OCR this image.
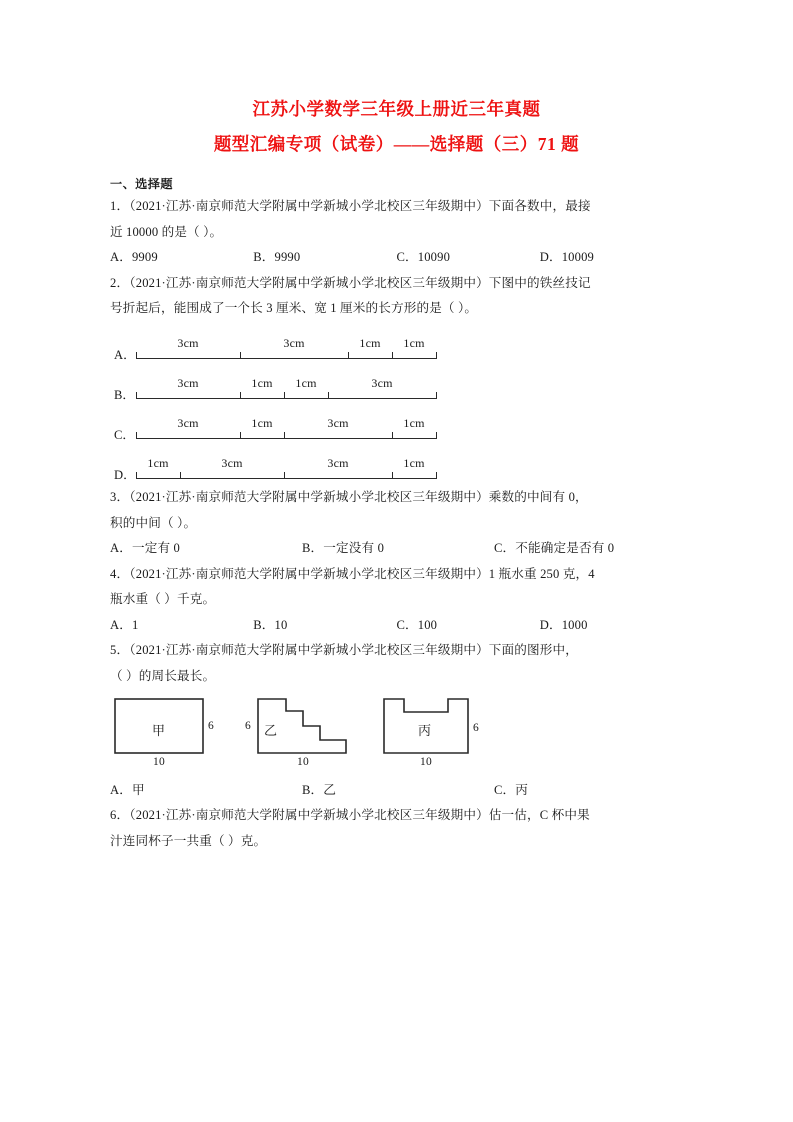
江苏小学数学三年级上册近三年真题
题型汇编专项（试卷）——选择题（三）71 题
一、选择题
1．（2021·江苏·南京师范大学附属中学新城小学北校区三年级期中）下面各数中，最接
近 10000 的是（ ）。
A．9909	B．9990	C．10090	D．10009
2．（2021·江苏·南京师范大学附属中学新城小学北校区三年级期中）下图中的铁丝技记
号折起后，能围成了一个长 3 厘米、宽 1 厘米的长方形的是（ ）。
A．
3cm	3cm	1cm 1cm
B．
3cm	1cm 1cm	3cm
C．
3cm	1cm	3cm	1cm
D．
1cm	3cm	3cm	1cm
3．（2021·江苏·南京师范大学附属中学新城小学北校区三年级期中）乘数的中间有 0，
积的中间（ ）。
A．一定有 0	B．一定没有 0	C．不能确定是否有 0
4．（2021·江苏·南京师范大学附属中学新城小学北校区三年级期中）1 瓶水重 250 克，4
瓶水重（ ）千克。
A．1	B．10	C．100	D．1000
5．（2021·江苏·南京师范大学附属中学新城小学北校区三年级期中）下面的图形中，
（ ）的周长最长。
甲	6
10
乙
6
10
丙	6
10
A．甲	B．乙	C．丙
6．（2021·江苏·南京师范大学附属中学新城小学北校区三年级期中）估一估，C 杯中果
汁连同杯子一共重（ ）克。
